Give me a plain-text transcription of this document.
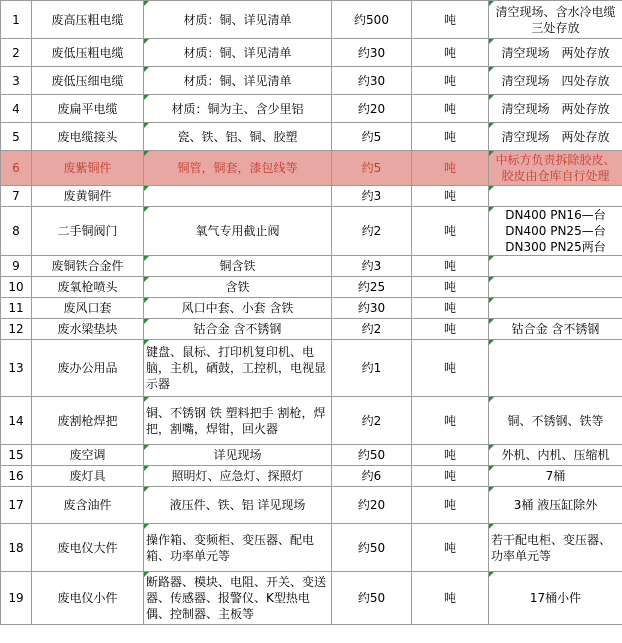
1	废高压粗电缆	材质：铜、详见清单	约500	吨	清空现场、含水冷电缆 三处存放
2	废低压粗电缆	材质：铜、详见清单	约30	吨	清空现场　两处存放
3	废低压细电缆	材质：铜、详见清单	约30	吨	清空现场　四处存放
4	废扁平电缆	材质：铜为主、含少里铝	约20	吨	清空现场　两处存放
5	废电缆接头	瓷、铁、铝、铜、胶塑	约5	吨	清空现场　两处存放
6	废紫铜件	铜管，铜套，漆包线等	约5	吨	中标方负责拆除胶皮、胶皮由仓库自行处理
7	废黄铜件		约3	吨	
8	二手铜阀门	氧气专用截止阀	约2	吨	DN400 PN16—台 DN400 PN25—台 DN300 PN25两台
9	废铜铁合金件	铜含铁	约3	吨	
10	废氧枪喷头	含铁	约25	吨	
11	废风口套	风口中套、小套 含铁	约30	吨	
12	废水梁垫块	钴合金 含不锈钢	约2	吨	钴合金 含不锈钢
13	废办公用品	键盘、鼠标、打印机复印机、电脑，主机，硒鼓，工控机，电视显示器	约1	吨	
14	废割枪焊把	铜、不锈钢 铁 塑料把手 割枪，焊把，割嘴，焊钳，回火器	约2	吨	铜、不锈钢、铁等
15	废空调	详见现场	约50	吨	外机、内机、压缩机
16	废灯具	照明灯、应急灯、探照灯	约6	吨	7桶
17	废含油件	液压件、铁、铝 详见现场	约20	吨	3桶 液压缸除外
18	废电仪大件	操作箱、变频柜、变压器、配电箱、功率单元等	约50	吨	若干配电柜、变压器、功率单元等
19	废电仪小件	断路器、模块、电阻、开关、变送器、传感器、报警仪、K型热电偶、控制器、主板等	约50	吨	17桶小件
